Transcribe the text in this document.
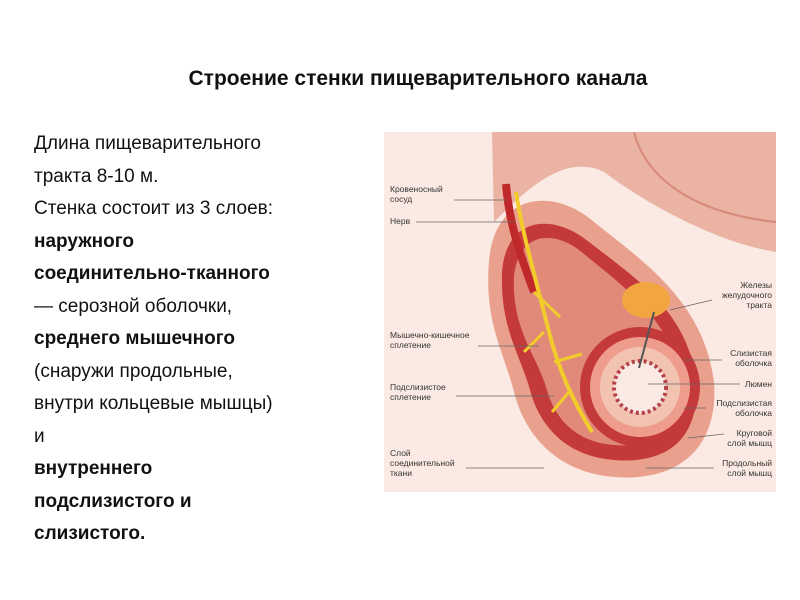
Строение стенки пищеварительного канала
Длина пищеварительного
тракта 8-10 м.
Стенка состоит из 3 слоев:
наружного
соединительно-тканного
— серозной оболочки,
среднего мышечного
(снаружи продольные,
внутри кольцевые мышцы)
и
внутреннего
подслизистого и
слизистого.
Кровеносный
сосуд
Нерв
Мышечно-кишечное
сплетение
Подслизистое
сплетение
Слой
соединительной
ткани
Железы
желудочного
тракта
Слизистая
оболочка
Люмен
Подслизистая
оболочка
Круговой
слой мышц
Продольный
слой мышц
